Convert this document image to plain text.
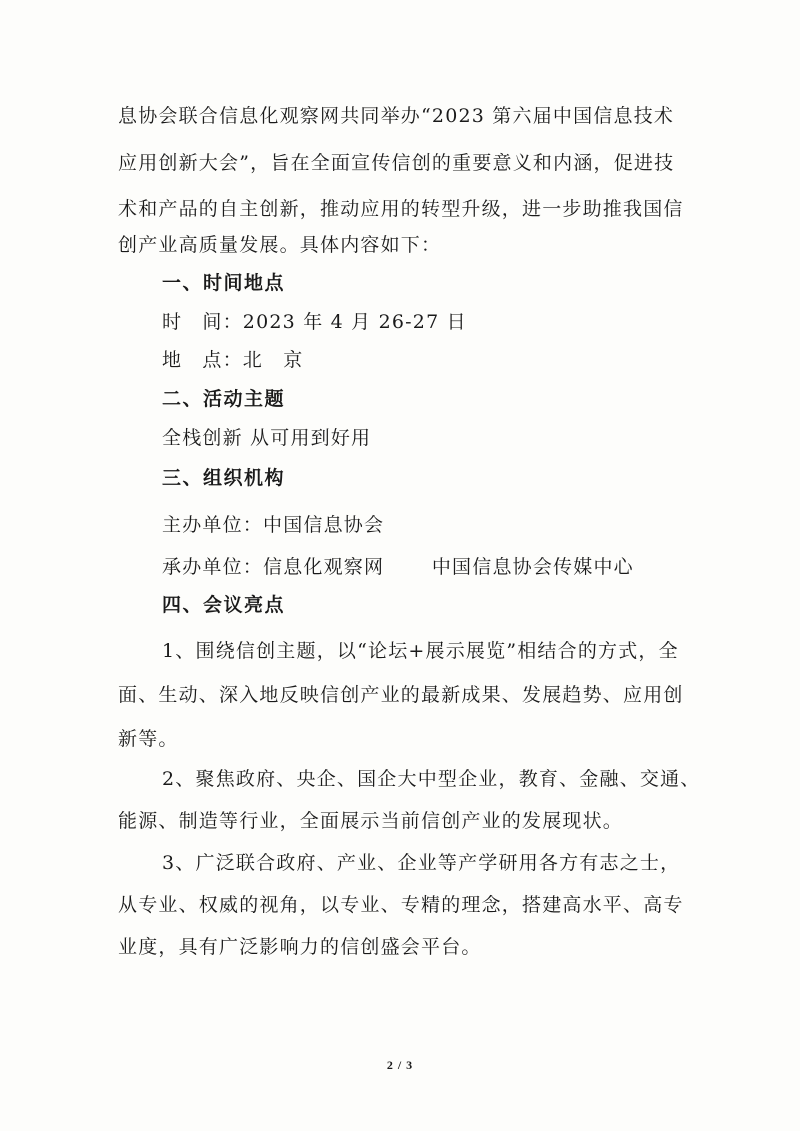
息协会联合信息化观察网共同举办“2023 第六届中国信息技术
应用创新大会”，旨在全面宣传信创的重要意义和内涵，促进技
术和产品的自主创新，推动应用的转型升级，进一步助推我国信
创产业高质量发展。具体内容如下：
一、时间地点
时　间：2023 年 4 月 26-27 日
地　点：北　京
二、活动主题
全栈创新 从可用到好用
三、组织机构
主办单位：中国信息协会
承办单位：信息化观察网　　 中国信息协会传媒中心
四、会议亮点
1、围绕信创主题，以“论坛+展示展览”相结合的方式，全
面、生动、深入地反映信创产业的最新成果、发展趋势、应用创
新等。
2、聚焦政府、央企、国企大中型企业，教育、金融、交通、
能源、制造等行业，全面展示当前信创产业的发展现状。
3、广泛联合政府、产业、企业等产学研用各方有志之士，
从专业、权威的视角，以专业、专精的理念，搭建高水平、高专
业度，具有广泛影响力的信创盛会平台。
2 / 3
